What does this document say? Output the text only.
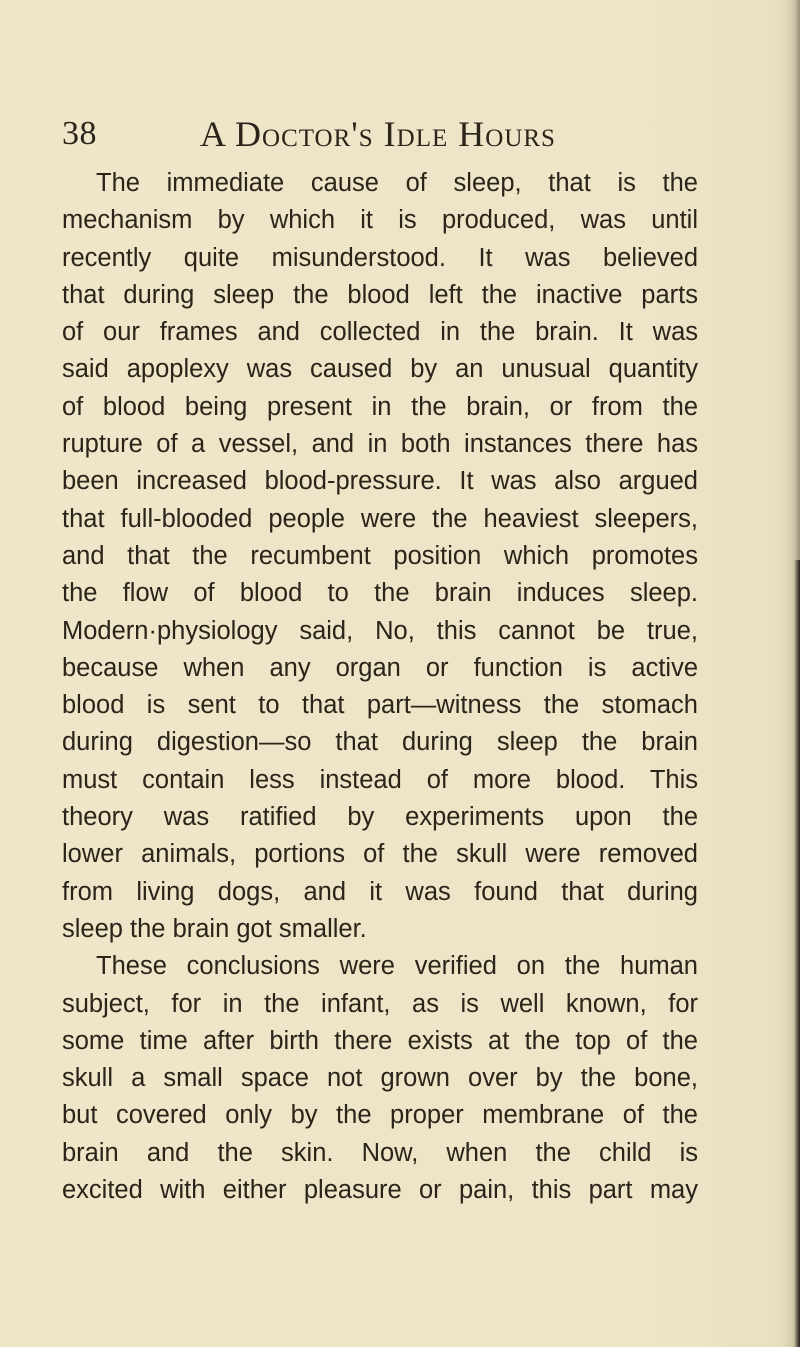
38	A Doctor's Idle Hours
The immediate cause of sleep, that is the
mechanism by which it is produced, was until
recently quite misunderstood. It was believed
that during sleep the blood left the inactive parts
of our frames and collected in the brain. It was
said apoplexy was caused by an unusual quantity
of blood being present in the brain, or from the
rupture of a vessel, and in both instances there has
been increased blood-pressure. It was also argued
that full-blooded people were the heaviest sleepers,
and that the recumbent position which promotes
the flow of blood to the brain induces sleep.
Modern·physiology said, No, this cannot be true,
because when any organ or function is active
blood is sent to that part—witness the stomach
during digestion—so that during sleep the brain
must contain less instead of more blood. This
theory was ratified by experiments upon the
lower animals, portions of the skull were removed
from living dogs, and it was found that during
sleep the brain got smaller.
These conclusions were verified on the human
subject, for in the infant, as is well known, for
some time after birth there exists at the top of the
skull a small space not grown over by the bone,
but covered only by the proper membrane of the
brain and the skin. Now, when the child is
excited with either pleasure or pain, this part may
